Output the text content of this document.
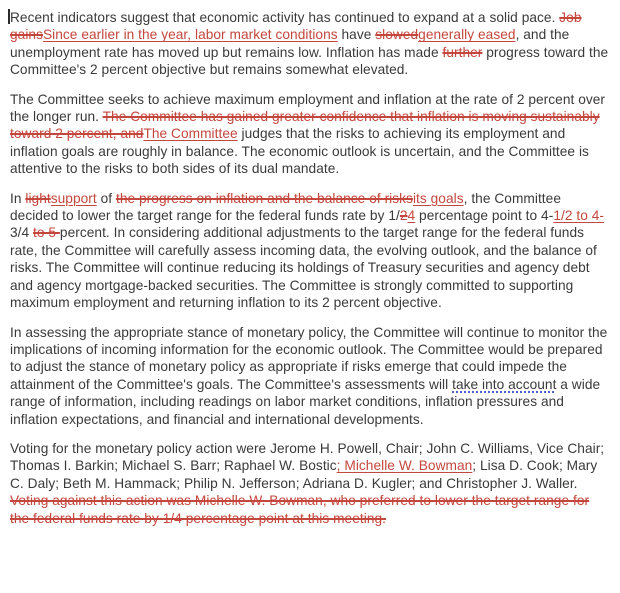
Recent indicators suggest that economic activity has continued to expand at a solid pace. Job gainsSince earlier in the year, labor market conditions have slowedgenerally eased, and the unemployment rate has moved up but remains low. Inflation has made further progress toward the Committee's 2 percent objective but remains somewhat elevated.

The Committee seeks to achieve maximum employment and inflation at the rate of 2 percent over the longer run. The Committee has gained greater confidence that inflation is moving sustainably toward 2 percent, andThe Committee judges that the risks to achieving its employment and inflation goals are roughly in balance. The economic outlook is uncertain, and the Committee is attentive to the risks to both sides of its dual mandate.

In lightsupport of the progress on inflation and the balance of risksits goals, the Committee decided to lower the target range for the federal funds rate by 1/24 percentage point to 4-1/2 to 4-3/4 to 5 percent. In considering additional adjustments to the target range for the federal funds rate, the Committee will carefully assess incoming data, the evolving outlook, and the balance of risks. The Committee will continue reducing its holdings of Treasury securities and agency debt and agency mortgage-backed securities. The Committee is strongly committed to supporting maximum employment and returning inflation to its 2 percent objective.

In assessing the appropriate stance of monetary policy, the Committee will continue to monitor the implications of incoming information for the economic outlook. The Committee would be prepared to adjust the stance of monetary policy as appropriate if risks emerge that could impede the attainment of the Committee's goals. The Committee's assessments will take into account a wide range of information, including readings on labor market conditions, inflation pressures and inflation expectations, and financial and international developments.

Voting for the monetary policy action were Jerome H. Powell, Chair; John C. Williams, Vice Chair; Thomas I. Barkin; Michael S. Barr; Raphael W. Bostic; Michelle W. Bowman; Lisa D. Cook; Mary C. Daly; Beth M. Hammack; Philip N. Jefferson; Adriana D. Kugler; and Christopher J. Waller. Voting against this action was Michelle W. Bowman, who preferred to lower the target range for the federal funds rate by 1/4 percentage point at this meeting.
